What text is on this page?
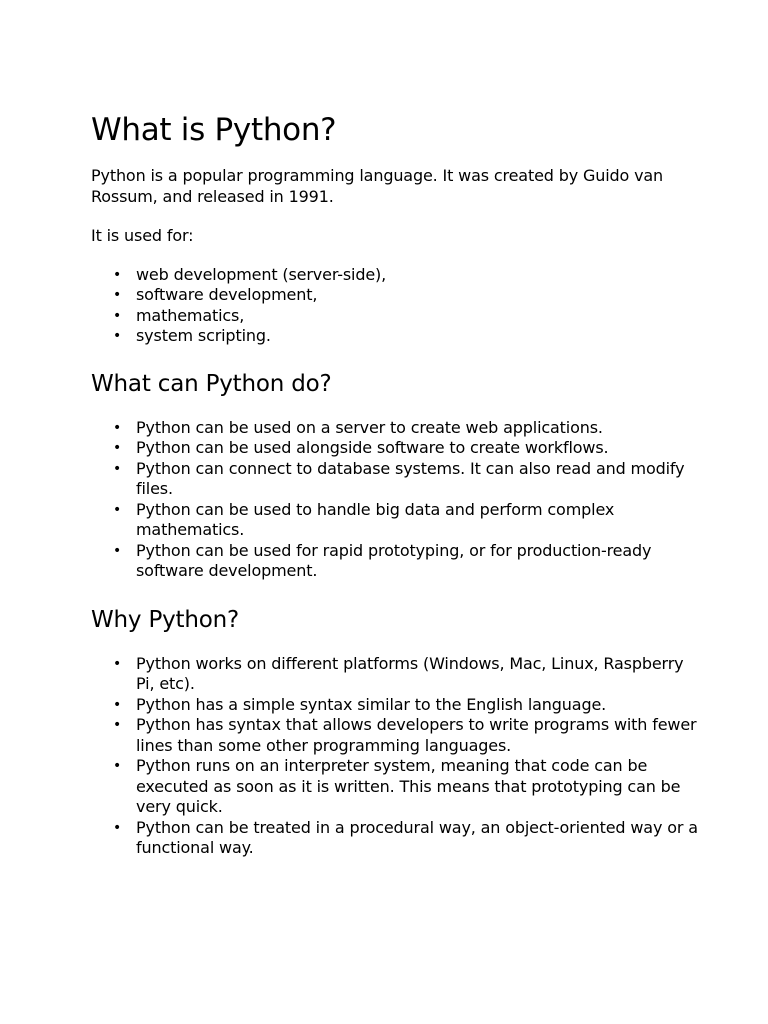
What is Python?

Python is a popular programming language. It was created by Guido van Rossum, and released in 1991.

It is used for:

• web development (server-side),
• software development,
• mathematics,
• system scripting.
What can Python do?
• Python can be used on a server to create web applications.
• Python can be used alongside software to create workflows.
• Python can connect to database systems. It can also read and modify files.
• Python can be used to handle big data and perform complex mathematics.
• Python can be used for rapid prototyping, or for production-ready software development.
Why Python?
• Python works on different platforms (Windows, Mac, Linux, Raspberry Pi, etc).
• Python has a simple syntax similar to the English language.
• Python has syntax that allows developers to write programs with fewer lines than some other programming languages.
• Python runs on an interpreter system, meaning that code can be executed as soon as it is written. This means that prototyping can be very quick.
• Python can be treated in a procedural way, an object-oriented way or a functional way.
